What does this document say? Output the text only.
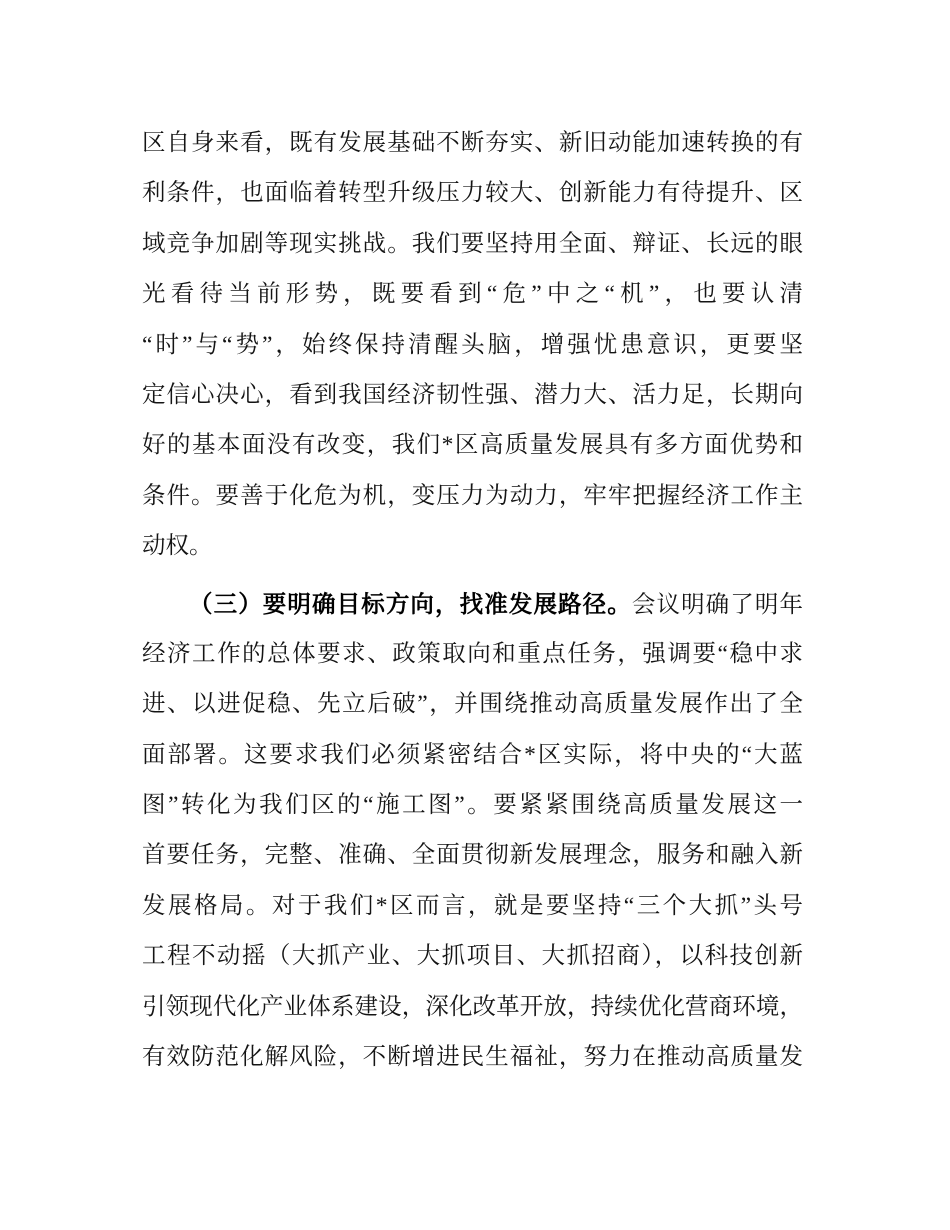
区自身来看，既有发展基础不断夯实、新旧动能加速转换的有
利条件，也面临着转型升级压力较大、创新能力有待提升、区
域竞争加剧等现实挑战。我们要坚持用全面、辩证、长远的眼
光看待当前形势，既要看到“危”中之“机”，也要认清
“时”与“势”，始终保持清醒头脑，增强忧患意识，更要坚
定信心决心，看到我国经济韧性强、潜力大、活力足，长期向
好的基本面没有改变，我们*区高质量发展具有多方面优势和
条件。要善于化危为机，变压力为动力，牢牢把握经济工作主
动权。

（三）要明确目标方向，找准发展路径。会议明确了明年
经济工作的总体要求、政策取向和重点任务，强调要“稳中求
进、以进促稳、先立后破”，并围绕推动高质量发展作出了全
面部署。这要求我们必须紧密结合*区实际，将中央的“大蓝
图”转化为我们区的“施工图”。要紧紧围绕高质量发展这一
首要任务，完整、准确、全面贯彻新发展理念，服务和融入新
发展格局。对于我们*区而言，就是要坚持“三个大抓”头号
工程不动摇（大抓产业、大抓项目、大抓招商），以科技创新
引领现代化产业体系建设，深化改革开放，持续优化营商环境，
有效防范化解风险，不断增进民生福祉，努力在推动高质量发
